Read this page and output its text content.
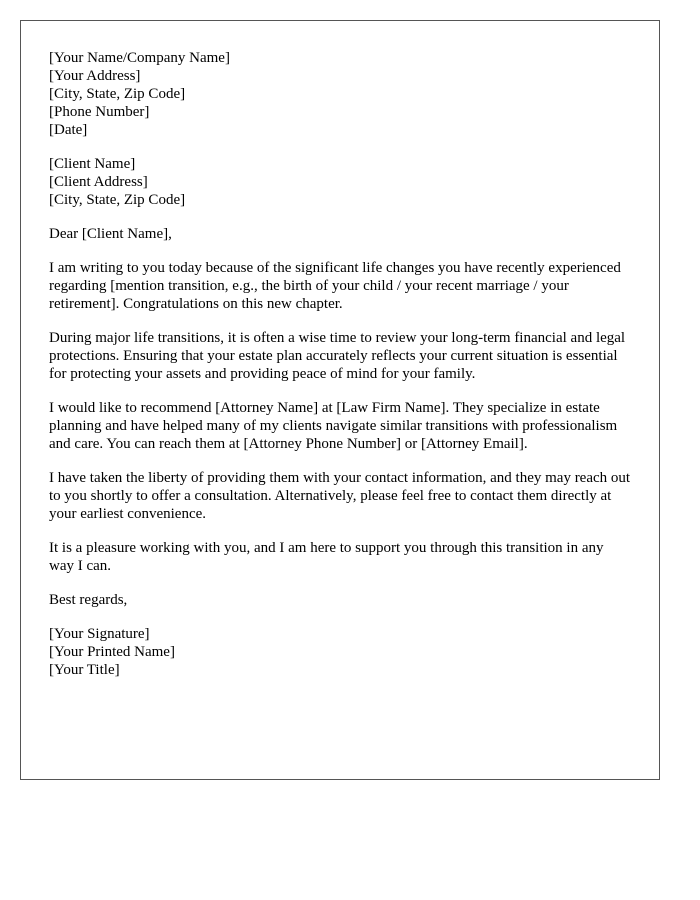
[Your Name/Company Name]
[Your Address]
[City, State, Zip Code]
[Phone Number]
[Date]
[Client Name]
[Client Address]
[City, State, Zip Code]

Dear [Client Name],

I am writing to you today because of the significant life changes you have recently experienced regarding [mention transition, e.g., the birth of your child / your recent marriage / your retirement]. Congratulations on this new chapter.

During major life transitions, it is often a wise time to review your long-term financial and legal protections. Ensuring that your estate plan accurately reflects your current situation is essential for protecting your assets and providing peace of mind for your family.

I would like to recommend [Attorney Name] at [Law Firm Name]. They specialize in estate planning and have helped many of my clients navigate similar transitions with professionalism and care. You can reach them at [Attorney Phone Number] or [Attorney Email].

I have taken the liberty of providing them with your contact information, and they may reach out to you shortly to offer a consultation. Alternatively, please feel free to contact them directly at your earliest convenience.

It is a pleasure working with you, and I am here to support you through this transition in any way I can.

Best regards,

[Your Signature]
[Your Printed Name]
[Your Title]
